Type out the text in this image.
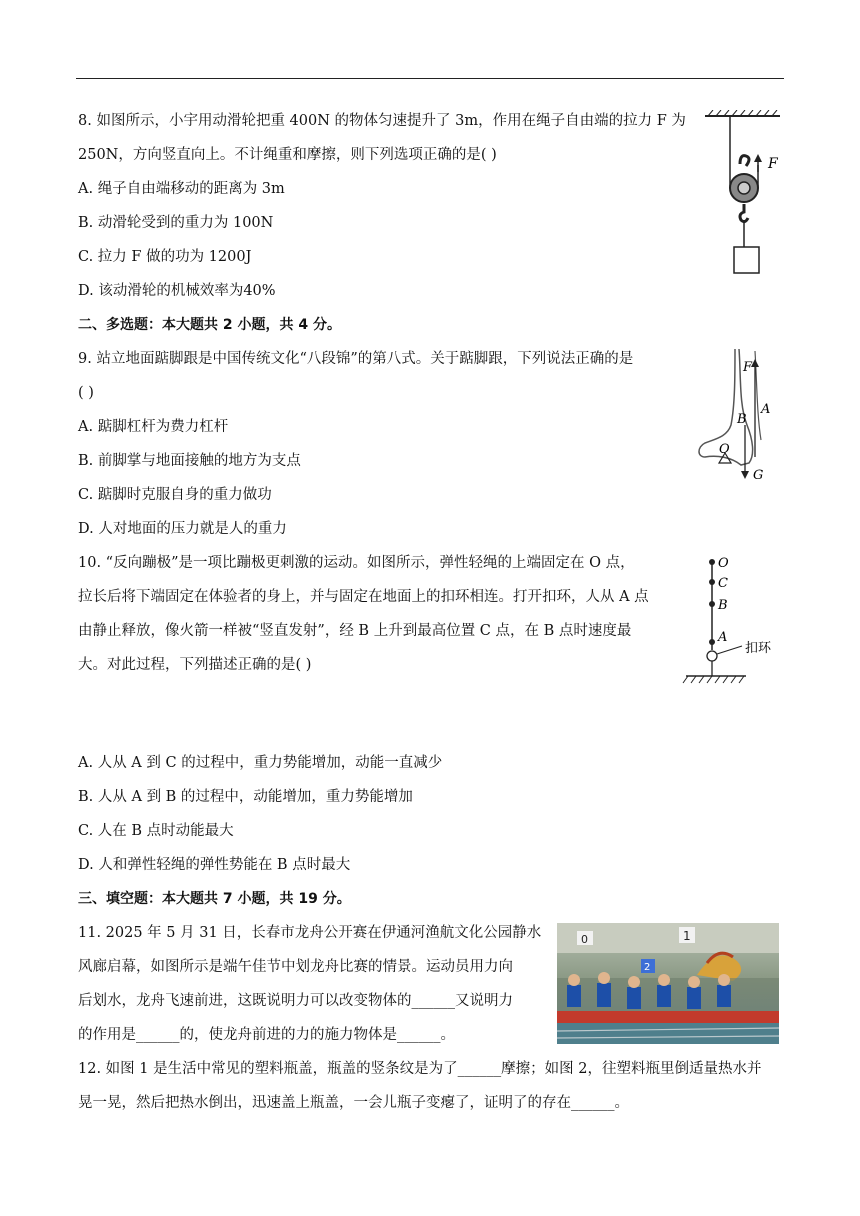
8. 如图所示，小宇用动滑轮把重 400N 的物体匀速提升了 3m，作用在绳子自由端的拉力 F 为
250N，方向竖直向上。不计绳重和摩擦，则下列选项正确的是( )
A. 绳子自由端移动的距离为 3m
B. 动滑轮受到的重力为 100N
C. 拉力 F 做的功为 1200J
D. 该动滑轮的机械效率为40%
F
二、多选题：本大题共 2 小题，共 4 分。
9. 站立地面踮脚跟是中国传统文化“八段锦”的第八式。关于踮脚跟，下列说法正确的是
( )
A. 踮脚杠杆为费力杠杆
B. 前脚掌与地面接触的地方为支点
C. 踮脚时克服自身的重力做功
D. 人对地面的压力就是人的重力
F
A
B
O
G
10. “反向蹦极”是一项比蹦极更刺激的运动。如图所示，弹性轻绳的上端固定在 O 点，
拉长后将下端固定在体验者的身上，并与固定在地面上的扣环相连。打开扣环，人从 A 点
由静止释放，像火箭一样被“竖直发射”，经 B 上升到最高位置 C 点，在 B 点时速度最
大。对此过程，下列描述正确的是( )
O
C
B
A
扣环
A. 人从 A 到 C 的过程中，重力势能增加，动能一直减少
B. 人从 A 到 B 的过程中，动能增加，重力势能增加
C. 人在 B 点时动能最大
D. 人和弹性轻绳的弹性势能在 B 点时最大
三、填空题：本大题共 7 小题，共 19 分。
11. 2025 年 5 月 31 日，长春市龙舟公开赛在伊通河渔航文化公园静水
风廊启幕，如图所示是端午佳节中划龙舟比赛的情景。运动员用力向
后划水，龙舟飞速前进，这既说明力可以改变物体的______又说明力
的作用是______的，使龙舟前进的力的施力物体是______。
0	1
2
12. 如图 1 是生活中常见的塑料瓶盖，瓶盖的竖条纹是为了______摩擦；如图 2，往塑料瓶里倒适量热水并
晃一晃，然后把热水倒出，迅速盖上瓶盖，一会儿瓶子变瘪了，证明了的存在______。
